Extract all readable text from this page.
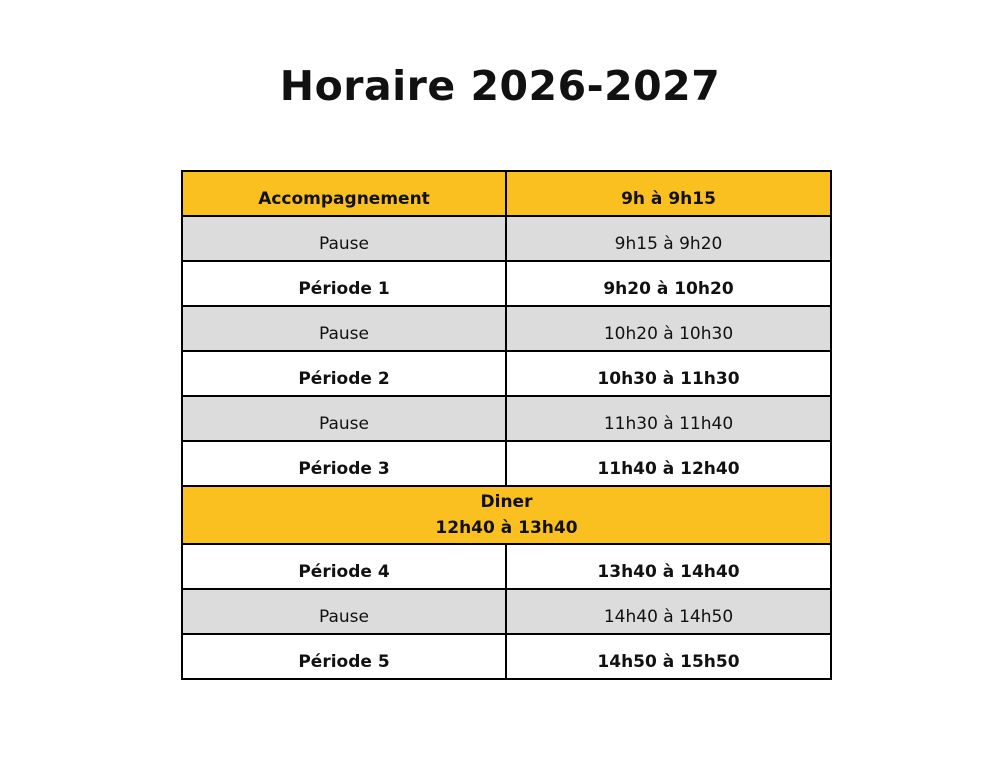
Horaire 2026-2027
Accompagnement	9h à 9h15
Pause	9h15 à 9h20
Période 1	9h20 à 10h20
Pause	10h20 à 10h30
Période 2	10h30 à 11h30
Pause	11h30 à 11h40
Période 3	11h40 à 12h40

Diner
12h40 à 13h40	

Période 4	13h40 à 14h40
Pause	14h40 à 14h50
Période 5	14h50 à 15h50
